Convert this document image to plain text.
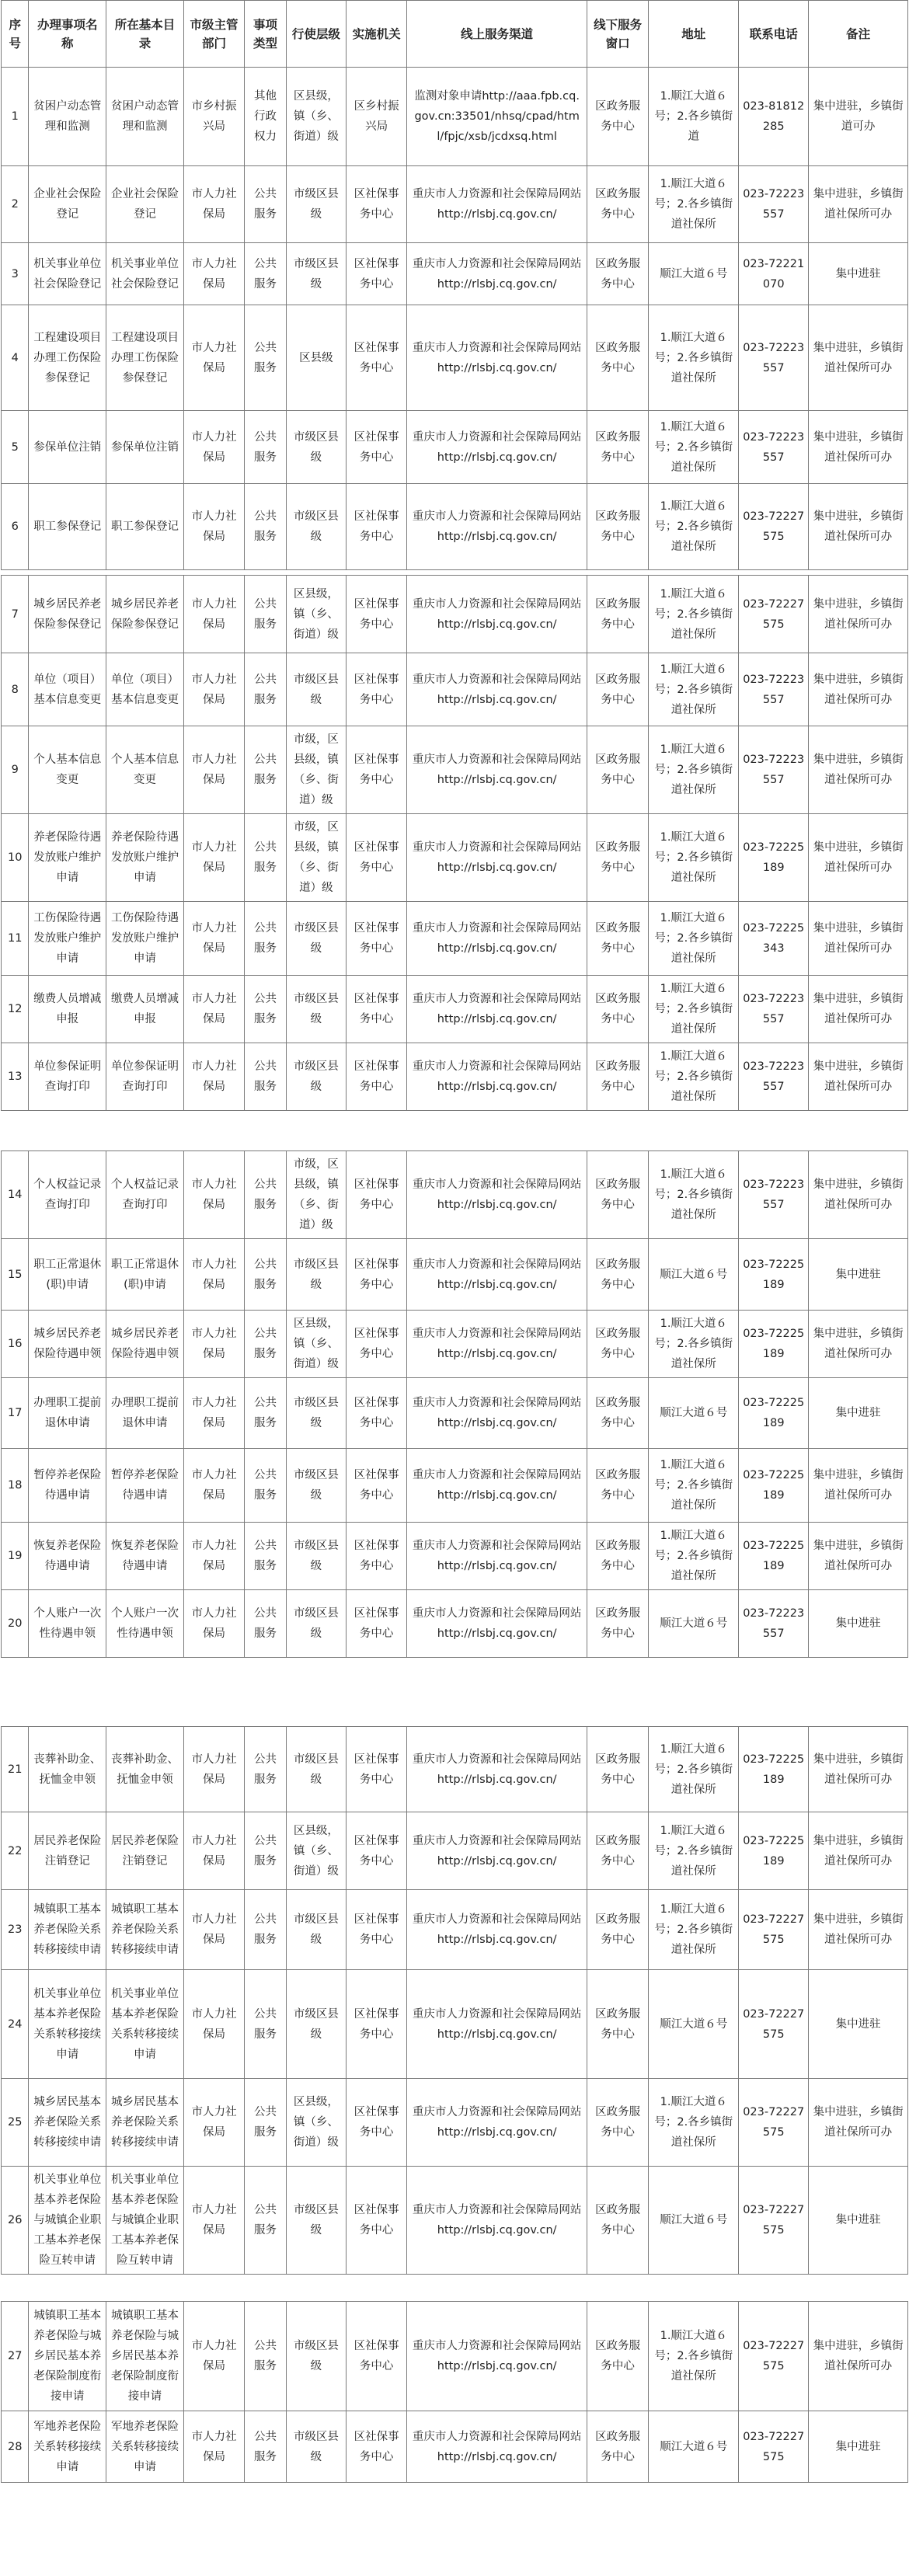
序号	办理事项名称	所在基本目录	市级主管部门	事项类型	行使层级	实施机关	线上服务渠道	线下服务窗口	地址	联系电话	备注
1	贫困户动态管理和监测	贫困户动态管理和监测	市乡村振兴局	其他行政权力	区县级，镇（乡、街道）级	区乡村振兴局	监测对象申请http://aaa.fpb.cq.gov.cn:33501/nhsq/cpad/html/fpjc/xsb/jcdxsq.html	区政务服务中心	1.顺江大道６号；2.各乡镇街道	023-81812285	集中进驻，乡镇街道可办
2	企业社会保险登记	企业社会保险登记	市人力社保局	公共服务	市级区县级	区社保事务中心	重庆市人力资源和社会保障局网站 http://rlsbj.cq.gov.cn/	区政务服务中心	1.顺江大道６号；2.各乡镇街道社保所	023-72223557	集中进驻，乡镇街道社保所可办
3	机关事业单位社会保险登记	机关事业单位社会保险登记	市人力社保局	公共服务	市级区县级	区社保事务中心	重庆市人力资源和社会保障局网站 http://rlsbj.cq.gov.cn/	区政务服务中心	顺江大道６号	023-72221070	集中进驻
4	工程建设项目办理工伤保险参保登记	工程建设项目办理工伤保险参保登记	市人力社保局	公共服务	区县级	区社保事务中心	重庆市人力资源和社会保障局网站 http://rlsbj.cq.gov.cn/	区政务服务中心	1.顺江大道６号；2.各乡镇街道社保所	023-72223557	集中进驻，乡镇街道社保所可办
5	参保单位注销	参保单位注销	市人力社保局	公共服务	市级区县级	区社保事务中心	重庆市人力资源和社会保障局网站 http://rlsbj.cq.gov.cn/	区政务服务中心	1.顺江大道６号；2.各乡镇街道社保所	023-72223557	集中进驻，乡镇街道社保所可办
6	职工参保登记	职工参保登记	市人力社保局	公共服务	市级区县级	区社保事务中心	重庆市人力资源和社会保障局网站 http://rlsbj.cq.gov.cn/	区政务服务中心	1.顺江大道６号；2.各乡镇街道社保所	023-72227575	集中进驻，乡镇街道社保所可办
7	城乡居民养老保险参保登记	城乡居民养老保险参保登记	市人力社保局	公共服务	区县级，镇（乡、街道）级	区社保事务中心	重庆市人力资源和社会保障局网站 http://rlsbj.cq.gov.cn/	区政务服务中心	1.顺江大道６号；2.各乡镇街道社保所	023-72227575	集中进驻，乡镇街道社保所可办
8	单位（项目）基本信息变更	单位（项目）基本信息变更	市人力社保局	公共服务	市级区县级	区社保事务中心	重庆市人力资源和社会保障局网站 http://rlsbj.cq.gov.cn/	区政务服务中心	1.顺江大道６号；2.各乡镇街道社保所	023-72223557	集中进驻，乡镇街道社保所可办
9	个人基本信息变更	个人基本信息变更	市人力社保局	公共服务	市级，区县级，镇（乡、街道）级	区社保事务中心	重庆市人力资源和社会保障局网站 http://rlsbj.cq.gov.cn/	区政务服务中心	1.顺江大道６号；2.各乡镇街道社保所	023-72223557	集中进驻，乡镇街道社保所可办
10	养老保险待遇发放账户维护申请	养老保险待遇发放账户维护申请	市人力社保局	公共服务	市级，区县级，镇（乡、街道）级	区社保事务中心	重庆市人力资源和社会保障局网站 http://rlsbj.cq.gov.cn/	区政务服务中心	1.顺江大道６号；2.各乡镇街道社保所	023-72225189	集中进驻，乡镇街道社保所可办
11	工伤保险待遇发放账户维护申请	工伤保险待遇发放账户维护申请	市人力社保局	公共服务	市级区县级	区社保事务中心	重庆市人力资源和社会保障局网站 http://rlsbj.cq.gov.cn/	区政务服务中心	1.顺江大道６号；2.各乡镇街道社保所	023-72225343	集中进驻，乡镇街道社保所可办
12	缴费人员增减申报	缴费人员增减申报	市人力社保局	公共服务	市级区县级	区社保事务中心	重庆市人力资源和社会保障局网站 http://rlsbj.cq.gov.cn/	区政务服务中心	1.顺江大道６号；2.各乡镇街道社保所	023-72223557	集中进驻，乡镇街道社保所可办
13	单位参保证明查询打印	单位参保证明查询打印	市人力社保局	公共服务	市级区县级	区社保事务中心	重庆市人力资源和社会保障局网站 http://rlsbj.cq.gov.cn/	区政务服务中心	1.顺江大道６号；2.各乡镇街道社保所	023-72223557	集中进驻，乡镇街道社保所可办
14	个人权益记录查询打印	个人权益记录查询打印	市人力社保局	公共服务	市级，区县级，镇（乡、街道）级	区社保事务中心	重庆市人力资源和社会保障局网站 http://rlsbj.cq.gov.cn/	区政务服务中心	1.顺江大道６号；2.各乡镇街道社保所	023-72223557	集中进驻，乡镇街道社保所可办
15	职工正常退休(职)申请	职工正常退休(职)申请	市人力社保局	公共服务	市级区县级	区社保事务中心	重庆市人力资源和社会保障局网站 http://rlsbj.cq.gov.cn/	区政务服务中心	顺江大道６号	023-72225189	集中进驻
16	城乡居民养老保险待遇申领	城乡居民养老保险待遇申领	市人力社保局	公共服务	区县级，镇（乡、街道）级	区社保事务中心	重庆市人力资源和社会保障局网站 http://rlsbj.cq.gov.cn/	区政务服务中心	1.顺江大道６号；2.各乡镇街道社保所	023-72225189	集中进驻，乡镇街道社保所可办
17	办理职工提前退休申请	办理职工提前退休申请	市人力社保局	公共服务	市级区县级	区社保事务中心	重庆市人力资源和社会保障局网站 http://rlsbj.cq.gov.cn/	区政务服务中心	顺江大道６号	023-72225189	集中进驻
18	暂停养老保险待遇申请	暂停养老保险待遇申请	市人力社保局	公共服务	市级区县级	区社保事务中心	重庆市人力资源和社会保障局网站 http://rlsbj.cq.gov.cn/	区政务服务中心	1.顺江大道６号；2.各乡镇街道社保所	023-72225189	集中进驻，乡镇街道社保所可办
19	恢复养老保险待遇申请	恢复养老保险待遇申请	市人力社保局	公共服务	市级区县级	区社保事务中心	重庆市人力资源和社会保障局网站 http://rlsbj.cq.gov.cn/	区政务服务中心	1.顺江大道６号；2.各乡镇街道社保所	023-72225189	集中进驻，乡镇街道社保所可办
20	个人账户一次性待遇申领	个人账户一次性待遇申领	市人力社保局	公共服务	市级区县级	区社保事务中心	重庆市人力资源和社会保障局网站 http://rlsbj.cq.gov.cn/	区政务服务中心	顺江大道６号	023-72223557	集中进驻
21	丧葬补助金、抚恤金申领	丧葬补助金、抚恤金申领	市人力社保局	公共服务	市级区县级	区社保事务中心	重庆市人力资源和社会保障局网站 http://rlsbj.cq.gov.cn/	区政务服务中心	1.顺江大道６号；2.各乡镇街道社保所	023-72225189	集中进驻，乡镇街道社保所可办
22	居民养老保险注销登记	居民养老保险注销登记	市人力社保局	公共服务	区县级，镇（乡、街道）级	区社保事务中心	重庆市人力资源和社会保障局网站 http://rlsbj.cq.gov.cn/	区政务服务中心	1.顺江大道６号；2.各乡镇街道社保所	023-72225189	集中进驻，乡镇街道社保所可办
23	城镇职工基本养老保险关系转移接续申请	城镇职工基本养老保险关系转移接续申请	市人力社保局	公共服务	市级区县级	区社保事务中心	重庆市人力资源和社会保障局网站 http://rlsbj.cq.gov.cn/	区政务服务中心	1.顺江大道６号；2.各乡镇街道社保所	023-72227575	集中进驻，乡镇街道社保所可办
24	机关事业单位基本养老保险关系转移接续申请	机关事业单位基本养老保险关系转移接续申请	市人力社保局	公共服务	市级区县级	区社保事务中心	重庆市人力资源和社会保障局网站 http://rlsbj.cq.gov.cn/	区政务服务中心	顺江大道６号	023-72227575	集中进驻
25	城乡居民基本养老保险关系转移接续申请	城乡居民基本养老保险关系转移接续申请	市人力社保局	公共服务	区县级，镇（乡、街道）级	区社保事务中心	重庆市人力资源和社会保障局网站 http://rlsbj.cq.gov.cn/	区政务服务中心	1.顺江大道６号；2.各乡镇街道社保所	023-72227575	集中进驻，乡镇街道社保所可办
26	机关事业单位基本养老保险与城镇企业职工基本养老保险互转申请	机关事业单位基本养老保险与城镇企业职工基本养老保险互转申请	市人力社保局	公共服务	市级区县级	区社保事务中心	重庆市人力资源和社会保障局网站 http://rlsbj.cq.gov.cn/	区政务服务中心	顺江大道６号	023-72227575	集中进驻
27	城镇职工基本养老保险与城乡居民基本养老保险制度衔接申请	城镇职工基本养老保险与城乡居民基本养老保险制度衔接申请	市人力社保局	公共服务	市级区县级	区社保事务中心	重庆市人力资源和社会保障局网站 http://rlsbj.cq.gov.cn/	区政务服务中心	1.顺江大道６号；2.各乡镇街道社保所	023-72227575	集中进驻，乡镇街道社保所可办
28	军地养老保险关系转移接续申请	军地养老保险关系转移接续申请	市人力社保局	公共服务	市级区县级	区社保事务中心	重庆市人力资源和社会保障局网站 http://rlsbj.cq.gov.cn/	区政务服务中心	顺江大道６号	023-72227575	集中进驻
